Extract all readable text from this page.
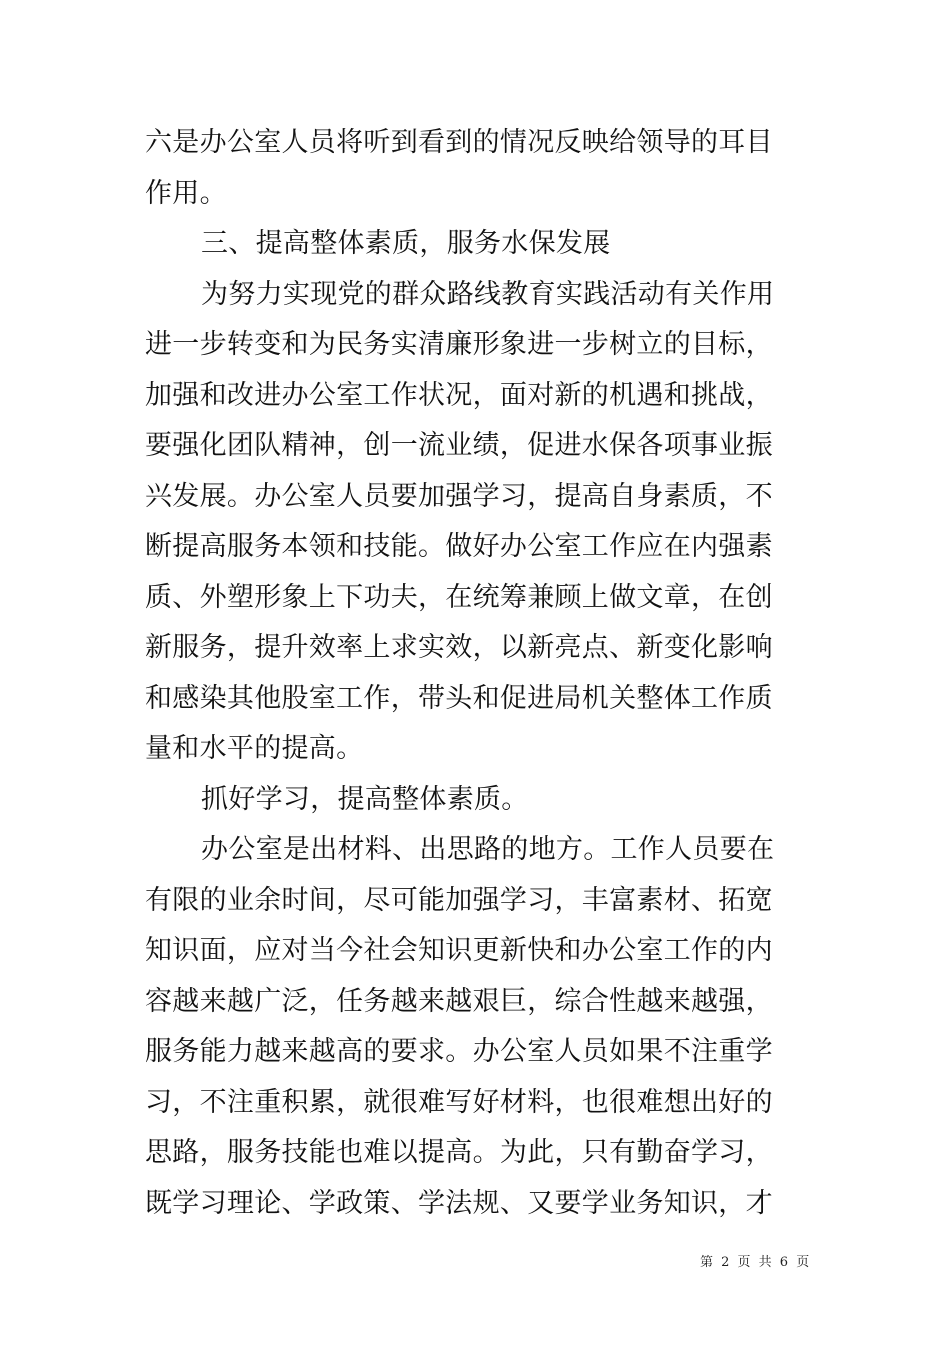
六是办公室人员将听到看到的情况反映给领导的耳目
作用。
三、提高整体素质，服务水保发展
为努力实现党的群众路线教育实践活动有关作用
进一步转变和为民务实清廉形象进一步树立的目标，
加强和改进办公室工作状况，面对新的机遇和挑战，
要强化团队精神，创一流业绩，促进水保各项事业振
兴发展。办公室人员要加强学习，提高自身素质，不
断提高服务本领和技能。做好办公室工作应在内强素
质、外塑形象上下功夫，在统筹兼顾上做文章，在创
新服务，提升效率上求实效，以新亮点、新变化影响
和感染其他股室工作，带头和促进局机关整体工作质
量和水平的提高。
抓好学习，提高整体素质。
办公室是出材料、出思路的地方。工作人员要在
有限的业余时间，尽可能加强学习，丰富素材、拓宽
知识面，应对当今社会知识更新快和办公室工作的内
容越来越广泛，任务越来越艰巨，综合性越来越强，
服务能力越来越高的要求。办公室人员如果不注重学
习，不注重积累，就很难写好材料，也很难想出好的
思路，服务技能也难以提高。为此，只有勤奋学习，
既学习理论、学政策、学法规、又要学业务知识，才
第 2 页 共 6 页
